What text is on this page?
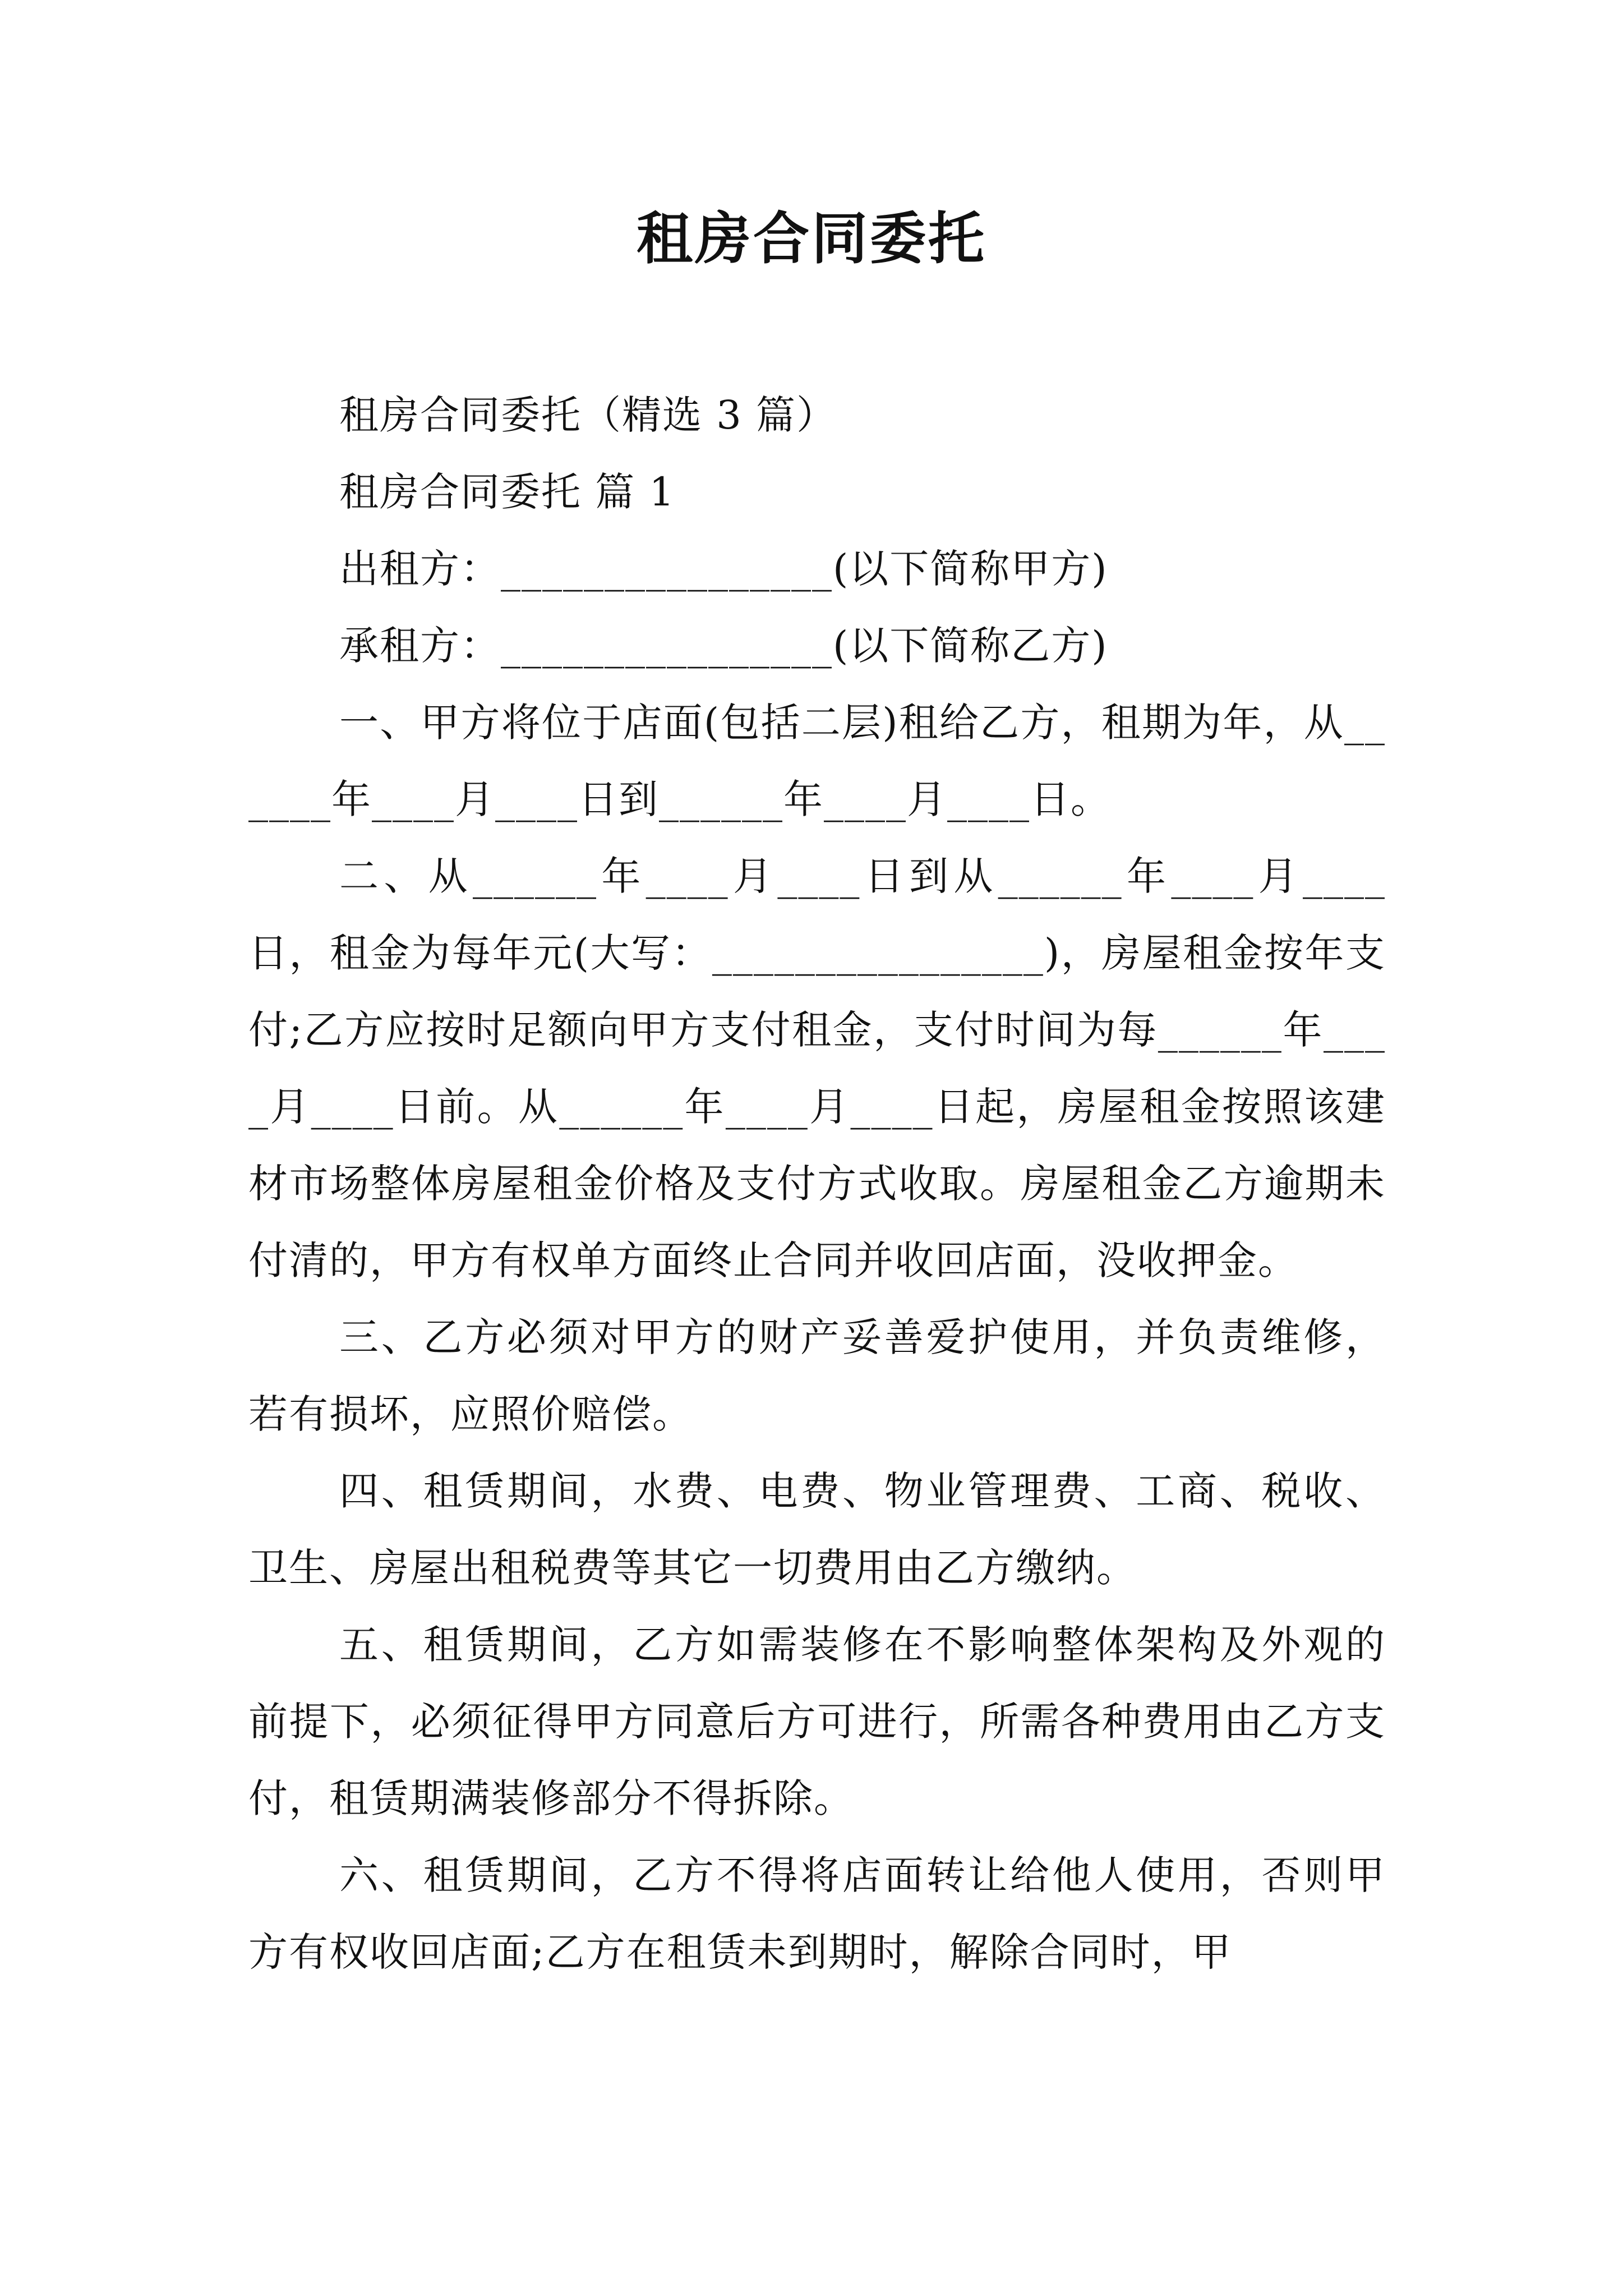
租房合同委托

租房合同委托（精选 3 篇）

租房合同委托 篇 1

出租方：________________(以下简称甲方)

承租方：________________(以下简称乙方)

一、甲方将位于店面(包括二层)租给乙方，租期为年，从______年____月____日到______年____月____日。

二、从______年____月____日到从______年____月____日，租金为每年元(大写：________________)，房屋租金按年支付;乙方应按时足额向甲方支付租金，支付时间为每______年____月____日前。从______年____月____日起，房屋租金按照该建材市场整体房屋租金价格及支付方式收取。房屋租金乙方逾期未付清的，甲方有权单方面终止合同并收回店面，没收押金。

三、乙方必须对甲方的财产妥善爱护使用，并负责维修，若有损坏，应照价赔偿。

四、租赁期间，水费、电费、物业管理费、工商、税收、卫生、房屋出租税费等其它一切费用由乙方缴纳。

五、租赁期间，乙方如需装修在不影响整体架构及外观的前提下，必须征得甲方同意后方可进行，所需各种费用由乙方支付，租赁期满装修部分不得拆除。

六、租赁期间，乙方不得将店面转让给他人使用，否则甲方有权收回店面;乙方在租赁未到期时，解除合同时，甲
